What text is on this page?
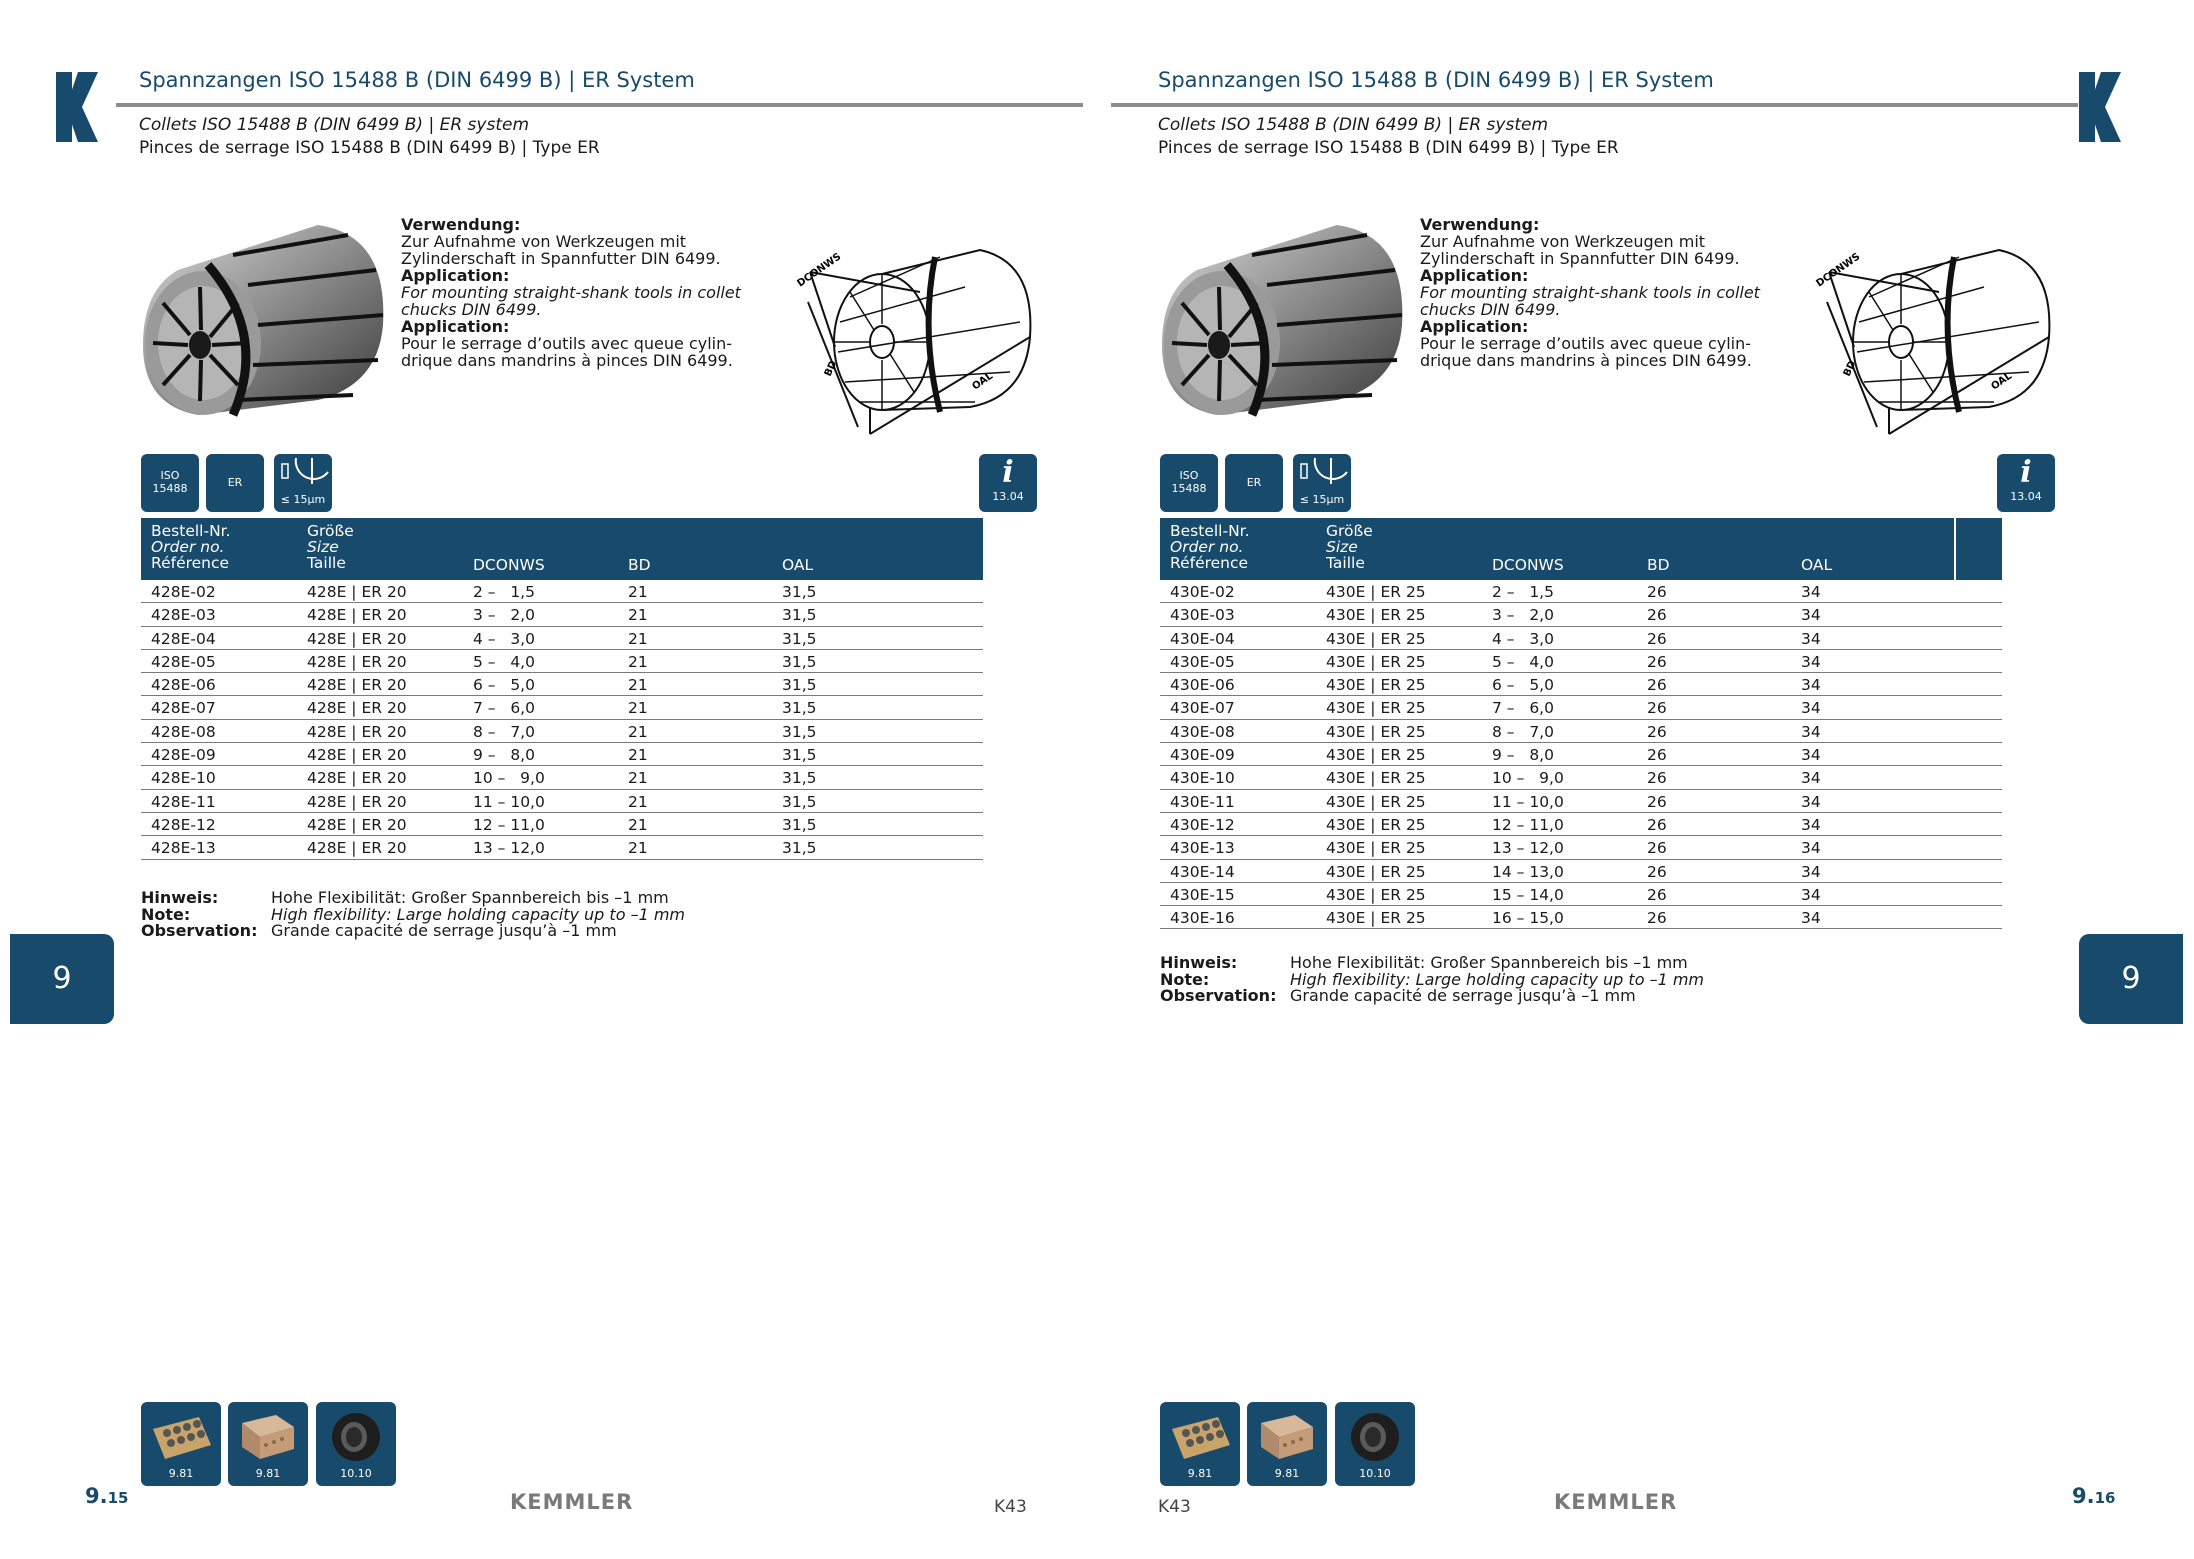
Spannzangen ISO 15488 B (DIN 6499 B) | ER System
Collets ISO 15488 B (DIN 6499 B) | ER system
Pinces de serrage ISO 15488 B (DIN 6499 B) | Type ER
Verwendung:
Zur Aufnahme von Werkzeugen mit
Zylinderschaft in Spannfutter DIN 6499.
Application:
For mounting straight-shank tools in collet
chucks DIN 6499.
Application:
Pour le serrage d’outils avec queue cylin-
drique dans mandrins à pinces DIN 6499.
DCONWS
BD
OAL
ISO
15488	ER
≤ 15µm
i
13.04
Bestell-Nr.
Order no.
Référence
Größe
Size
Taille	DCONWS	BD	OAL
428E-02	428E | ER 20	2 –   1,5	21	31,5
428E-03	428E | ER 20	3 –   2,0	21	31,5
428E-04	428E | ER 20	4 –   3,0	21	31,5
428E-05	428E | ER 20	5 –   4,0	21	31,5
428E-06	428E | ER 20	6 –   5,0	21	31,5
428E-07	428E | ER 20	7 –   6,0	21	31,5
428E-08	428E | ER 20	8 –   7,0	21	31,5
428E-09	428E | ER 20	9 –   8,0	21	31,5
428E-10	428E | ER 20	10 –   9,0	21	31,5
428E-11	428E | ER 20	11 – 10,0	21	31,5
428E-12	428E | ER 20	12 – 11,0	21	31,5
428E-13	428E | ER 20	13 – 12,0	21	31,5
Hinweis:	Hohe Flexibilität: Großer Spannbereich bis –1 mm
Note:	High flexibility: Large holding capacity up to –1 mm
Observation: Grande capacité de serrage jusqu’à –1 mm
9
9.81	9.81	10.10
9.15	KEMMLER	K43
Spannzangen ISO 15488 B (DIN 6499 B) | ER System
Collets ISO 15488 B (DIN 6499 B) | ER system
Pinces de serrage ISO 15488 B (DIN 6499 B) | Type ER
Verwendung:
Zur Aufnahme von Werkzeugen mit
Zylinderschaft in Spannfutter DIN 6499.
Application:
For mounting straight-shank tools in collet
chucks DIN 6499.
Application:
Pour le serrage d’outils avec queue cylin-
drique dans mandrins à pinces DIN 6499.
DCONWS
BD
OAL
ISO
15488	ER
≤ 15µm
i
13.04
Bestell-Nr.
Order no.
Référence
Größe
Size
Taille	DCONWS	BD	OAL
430E-02	430E | ER 25	2 –   1,5	26	34
430E-03	430E | ER 25	3 –   2,0	26	34
430E-04	430E | ER 25	4 –   3,0	26	34
430E-05	430E | ER 25	5 –   4,0	26	34
430E-06	430E | ER 25	6 –   5,0	26	34
430E-07	430E | ER 25	7 –   6,0	26	34
430E-08	430E | ER 25	8 –   7,0	26	34
430E-09	430E | ER 25	9 –   8,0	26	34
430E-10	430E | ER 25	10 –   9,0	26	34
430E-11	430E | ER 25	11 – 10,0	26	34
430E-12	430E | ER 25	12 – 11,0	26	34
430E-13	430E | ER 25	13 – 12,0	26	34
430E-14	430E | ER 25	14 – 13,0	26	34
430E-15	430E | ER 25	15 – 14,0	26	34
430E-16	430E | ER 25	16 – 15,0	26	34
Hinweis:	Hohe Flexibilität: Großer Spannbereich bis –1 mm
Note:	High flexibility: Large holding capacity up to –1 mm
Observation: Grande capacité de serrage jusqu’à –1 mm	9
9.81	9.81	10.10
K43	KEMMLER	9.16
